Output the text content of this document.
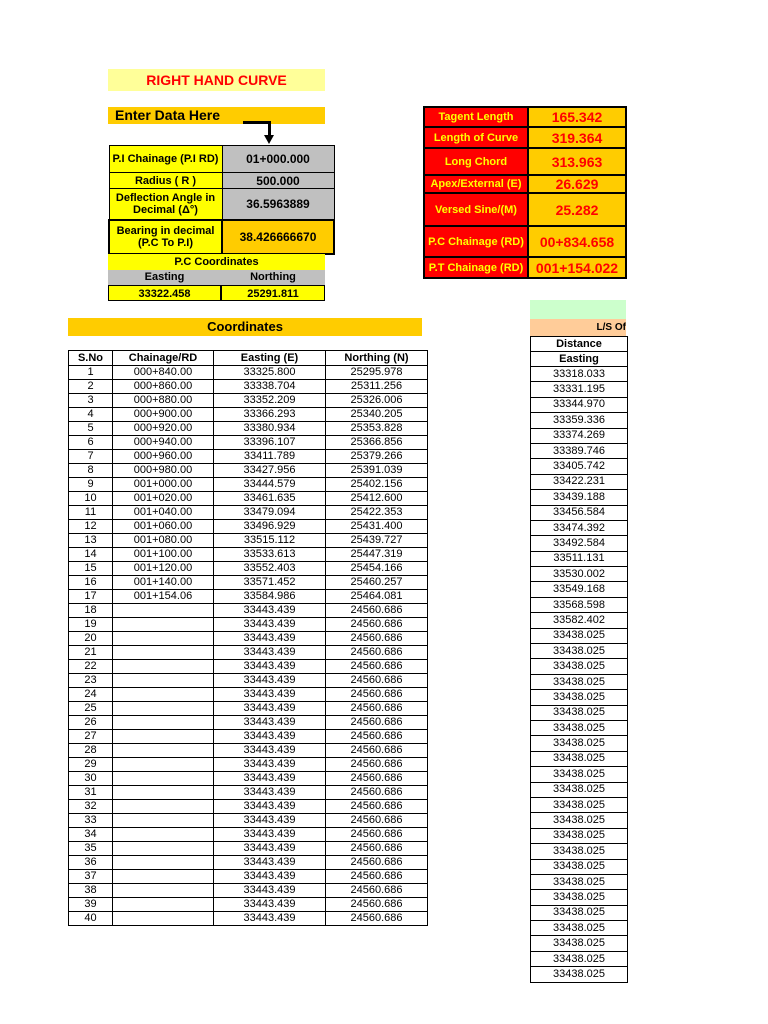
RIGHT HAND CURVE
Enter Data Here
P.I Chainage (P.I RD)	01+000.000
Radius ( R )	500.000
Deflection Angle in Decimal (Δ°)	36.5963889
Bearing in decimal (P.C To P.I)	38.426666670
P.C Coordinates
Easting	Northing
33322.458	25291.811
Tagent Length	165.342
Length of Curve	319.364
Long Chord	313.963
Apex/External (E)	26.629
Versed Sine/(M)	25.282
P.C Chainage (RD)	00+834.658
P.T Chainage (RD)	001+154.022
Coordinates	L/S Of
S.No	Chainage/RD	Easting (E)	Northing (N)
1	000+840.00	33325.800	25295.978
2	000+860.00	33338.704	25311.256
3	000+880.00	33352.209	25326.006
4	000+900.00	33366.293	25340.205
5	000+920.00	33380.934	25353.828
6	000+940.00	33396.107	25366.856
7	000+960.00	33411.789	25379.266
8	000+980.00	33427.956	25391.039
9	001+000.00	33444.579	25402.156
10	001+020.00	33461.635	25412.600
11	001+040.00	33479.094	25422.353
12	001+060.00	33496.929	25431.400
13	001+080.00	33515.112	25439.727
14	001+100.00	33533.613	25447.319
15	001+120.00	33552.403	25454.166
16	001+140.00	33571.452	25460.257
17	001+154.06	33584.986	25464.081
18		33443.439	24560.686
19		33443.439	24560.686
20		33443.439	24560.686
21		33443.439	24560.686
22		33443.439	24560.686
23		33443.439	24560.686
24		33443.439	24560.686
25		33443.439	24560.686
26		33443.439	24560.686
27		33443.439	24560.686
28		33443.439	24560.686
29		33443.439	24560.686
30		33443.439	24560.686
31		33443.439	24560.686
32		33443.439	24560.686
33		33443.439	24560.686
34		33443.439	24560.686
35		33443.439	24560.686
36		33443.439	24560.686
37		33443.439	24560.686
38		33443.439	24560.686
39		33443.439	24560.686
40		33443.439	24560.686
Distance
Easting
33318.033
33331.195
33344.970
33359.336
33374.269
33389.746
33405.742
33422.231
33439.188
33456.584
33474.392
33492.584
33511.131
33530.002
33549.168
33568.598
33582.402
33438.025
33438.025
33438.025
33438.025
33438.025
33438.025
33438.025
33438.025
33438.025
33438.025
33438.025
33438.025
33438.025
33438.025
33438.025
33438.025
33438.025
33438.025
33438.025
33438.025
33438.025
33438.025
33438.025
